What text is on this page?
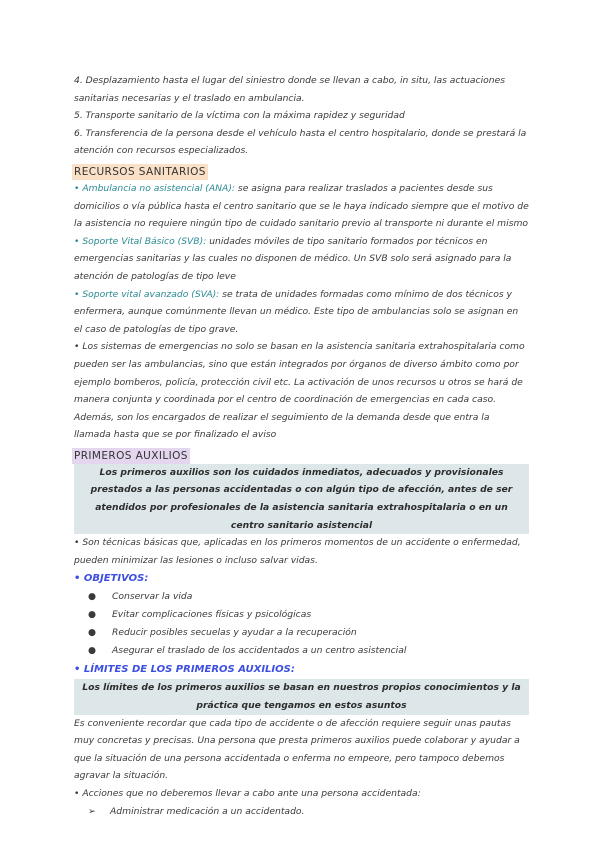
4. Desplazamiento hasta el lugar del siniestro donde se llevan a cabo, in situ, las actuaciones sanitarias necesarias y el traslado en ambulancia.

5. Transporte sanitario de la víctima con la máxima rapidez y seguridad

6. Transferencia de la persona desde el vehículo hasta el centro hospitalario, donde se prestará la atención con recursos especializados.

RECURSOS SANITARIOS

• Ambulancia no asistencial (ANA): se asigna para realizar traslados a pacientes desde sus domicilios o vía pública hasta el centro sanitario que se le haya indicado siempre que el motivo de la asistencia no requiere ningún tipo de cuidado sanitario previo al transporte ni durante el mismo

• Soporte Vital Básico (SVB): unidades móviles de tipo sanitario formados por técnicos en emergencias sanitarias y las cuales no disponen de médico. Un SVB solo será asignado para la atención de patologías de tipo leve

• Soporte vital avanzado (SVA): se trata de unidades formadas como mínimo de dos técnicos y enfermera, aunque comúnmente llevan un médico. Este tipo de ambulancias solo se asignan en el caso de patologías de tipo grave.

• Los sistemas de emergencias no solo se basan en la asistencia sanitaria extrahospitalaria como pueden ser las ambulancias, sino que están integrados por órganos de diverso ámbito como por ejemplo bomberos, policía, protección civil etc. La activación de unos recursos u otros se hará de manera conjunta y coordinada por el centro de coordinación de emergencias en cada caso. Además, son los encargados de realizar el seguimiento de la demanda desde que entra la llamada hasta que se por finalizado el aviso

PRIMEROS AUXILIOS

Los primeros auxilios son los cuidados inmediatos, adecuados y provisionales prestados a las personas accidentadas o con algún tipo de afección, antes de ser atendidos por profesionales de la asistencia sanitaria extrahospitalaria o en un centro sanitario asistencial

• Son técnicas básicas que, aplicadas en los primeros momentos de un accidente o enfermedad, pueden minimizar las lesiones o incluso salvar vidas.

• OBJETIVOS:

●	Conservar la vida
●	Evitar complicaciones físicas y psicológicas
●	Reducir posibles secuelas y ayudar a la recuperación
●	Asegurar el traslado de los accidentados a un centro asistencial

• LÍMITES DE LOS PRIMEROS AUXILIOS:

Los límites de los primeros auxilios se basan en nuestros propios conocimientos y la práctica que tengamos en estos asuntos

Es conveniente recordar que cada tipo de accidente o de afección requiere seguir unas pautas muy concretas y precisas. Una persona que presta primeros auxilios puede colaborar y ayudar a que la situación de una persona accidentada o enferma no empeore, pero tampoco debemos agravar la situación.

• Acciones que no deberemos llevar a cabo ante una persona accidentada:

➢	Administrar medicación a un accidentado.
